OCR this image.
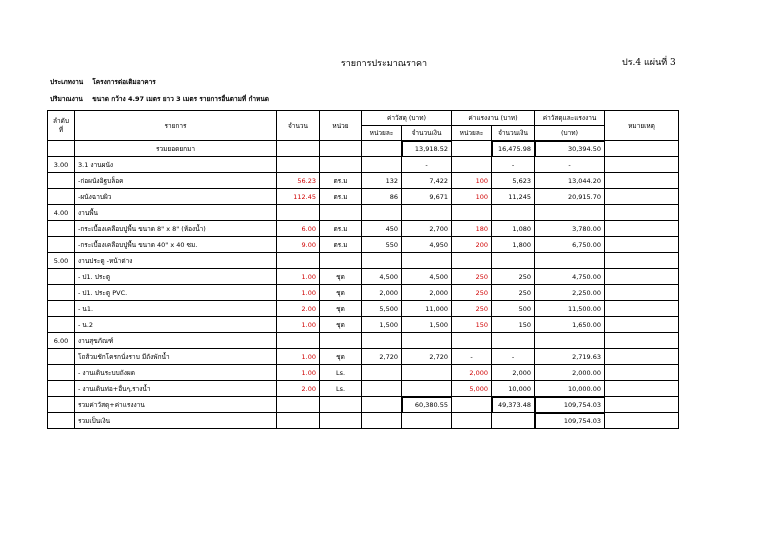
รายการประมาณราคา	ปร.4 แผ่นที่ 3
ประเภทงาน โครงการต่อเติมอาคาร
ปริมาณงาน ขนาด กว้าง 4.97 เมตร ยาว 3 เมตร รายการอื่นตามที่ กำหนด
ลำดับ ที่	รายการ	จำนวน	หน่วย	ค่าวัสดุ (บาท)		ค่าแรงงาน (บาท)		ค่าวัสดุและแรงงาน	หมายเหตุ
				หน่วยละ	จำนวนเงิน	หน่วยละ	จำนวนเงิน	(บาท)	
	รวมยอดยกมา				13,918.52		16,475.98	30,394.50	
3.00	3.1 งานผนัง				-		-	-	
	-ก่อผนังอิฐบล็อค	56.23	ตร.ม	132	7,422	100	5,623	13,044.20	
	-ผนังฉาบผิว	112.45	ตร.ม	86	9,671	100	11,245	20,915.70	
4.00	งานพื้น								
	-กระเบื้องเคลือบปูพื้น ขนาด 8" x 8" (ห้องน้ำ)	6.00	ตร.ม	450	2,700	180	1,080	3,780.00	
	-กระเบื้องเคลือบปูพื้น ขนาด 40" x 40 ซม.	9.00	ตร.ม	550	4,950	200	1,800	6,750.00	
5.00	งานประตู -หน้าต่าง								
	- ป1. ประตู	1.00	ชุด	4,500	4,500	250	250	4,750.00	
	- ป1. ประตู PVC.	1.00	ชุด	2,000	2,000	250	250	2,250.00	
	- น1.	2.00	ชุด	5,500	11,000	250	500	11,500.00	
	- น.2	1.00	ชุด	1,500	1,500	150	150	1,650.00	
6.00	งานสุขภัณฑ์								
	โถส้วมชักโครกนั่งราบ มีถังพักน้ำ	1.00	ชุด	2,720	2,720	-	-	2,719.63	
	- งานเดินระบบถังผด	1.00	Ls.			2,000	2,000	2,000.00	
	- งานเดินท่อ+อื่นๆ,รางน้ำ	2.00	Ls.			5,000	10,000	10,000.00	
	รวมค่าวัสดุ+ค่าแรงงาน				60,380.55		49,373.48	109,754.03	
	รวมเป็นเงิน							109,754.03	
